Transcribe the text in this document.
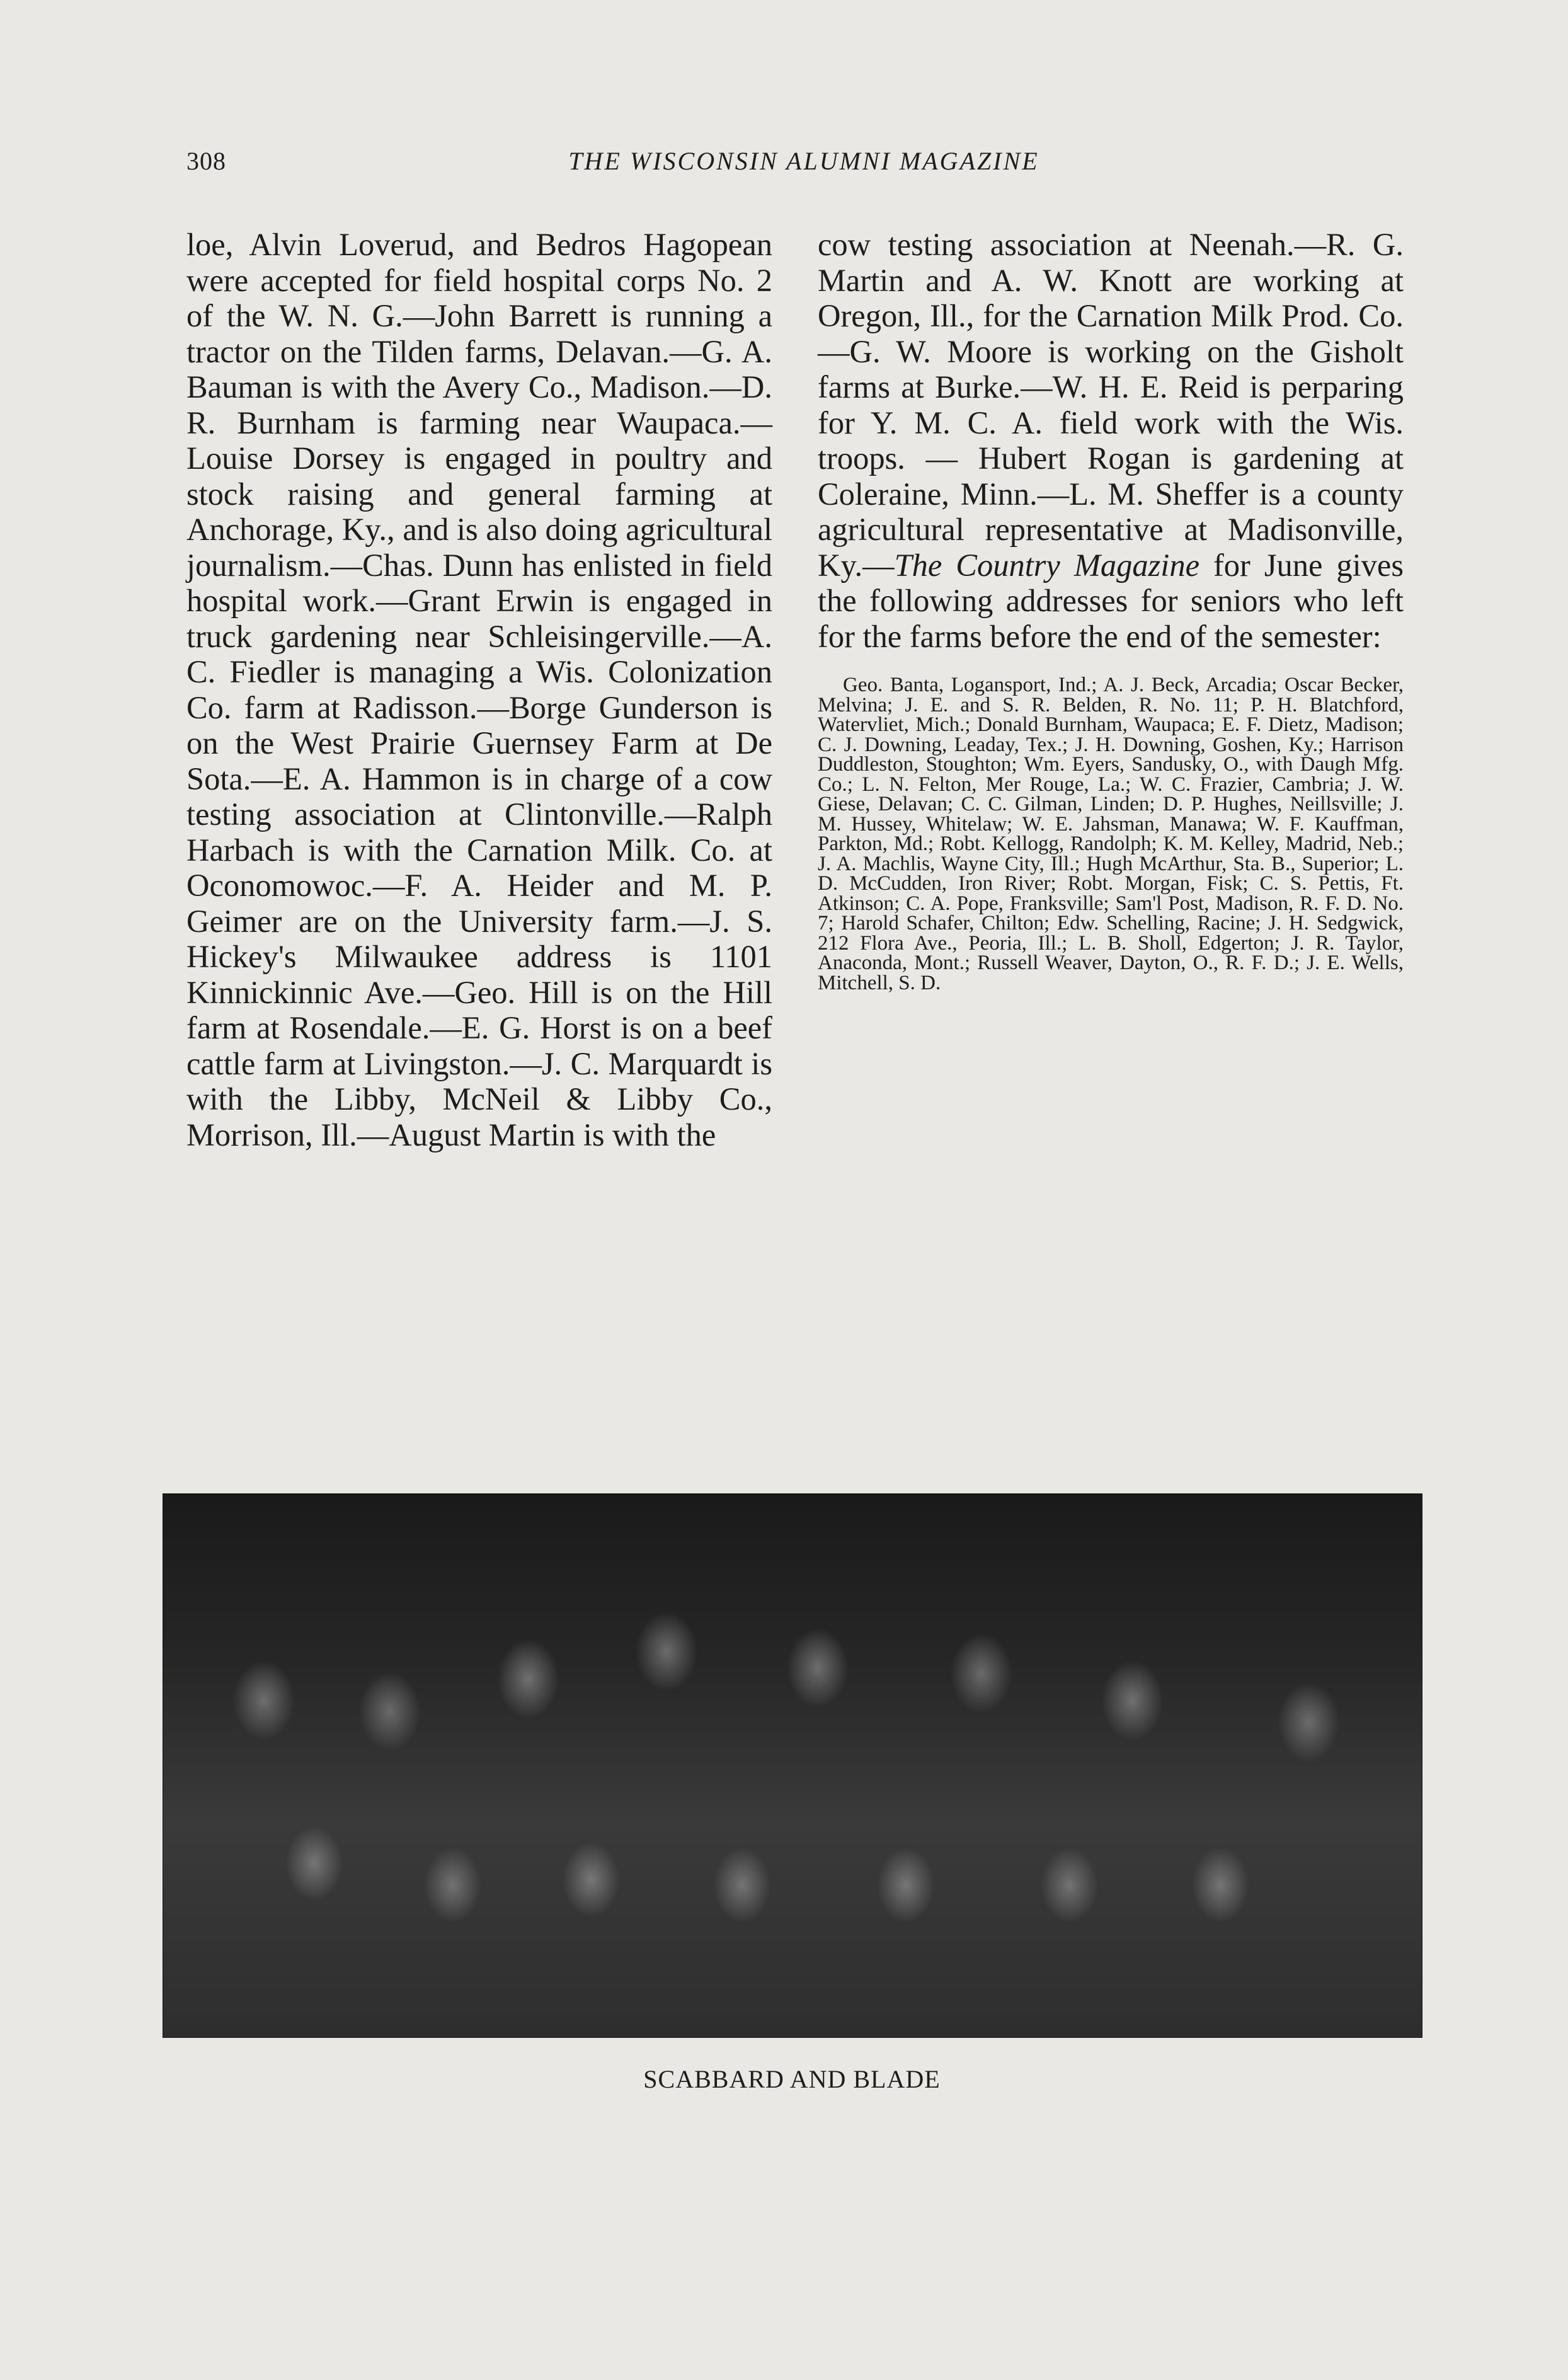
308	THE WISCONSIN ALUMNI MAGAZINE

loe, Alvin Loverud, and Bedros Hagopean were accepted for field hospital corps No. 2 of the W. N. G.—John Barrett is running a tractor on the Tilden farms, Delavan.—G. A. Bauman is with the Avery Co., Madison.—D. R. Burnham is farming near Waupaca.—Louise Dorsey is engaged in poultry and stock raising and general farming at Anchorage, Ky., and is also doing agricultural journalism.—Chas. Dunn has enlisted in field hospital work.—Grant Erwin is engaged in truck gardening near Schleisingerville.—A. C. Fiedler is managing a Wis. Colonization Co. farm at Radisson.—Borge Gunderson is on the West Prairie Guernsey Farm at De Sota.—E. A. Hammon is in charge of a cow testing association at Clintonville.—Ralph Harbach is with the Carnation Milk. Co. at Oconomowoc.—F. A. Heider and M. P. Geimer are on the University farm.—J. S. Hickey's Milwaukee address is 1101 Kinnickinnic Ave.—Geo. Hill is on the Hill farm at Rosendale.—E. G. Horst is on a beef cattle farm at Livingston.—J. C. Marquardt is with the Libby, McNeil & Libby Co., Morrison, Ill.—August Martin is with the

cow testing association at Neenah.—R. G. Martin and A. W. Knott are working at Oregon, Ill., for the Carnation Milk Prod. Co.—G. W. Moore is working on the Gisholt farms at Burke.—W. H. E. Reid is perparing for Y. M. C. A. field work with the Wis. troops. — Hubert Rogan is gardening at Coleraine, Minn.—L. M. Sheffer is a county agricultural representative at Madisonville, Ky.—The Country Magazine for June gives the following addresses for seniors who left for the farms before the end of the semester:

Geo. Banta, Logansport, Ind.; A. J. Beck, Arcadia; Oscar Becker, Melvina; J. E. and S. R. Belden, R. No. 11; P. H. Blatchford, Watervliet, Mich.; Donald Burnham, Waupaca; E. F. Dietz, Madison; C. J. Downing, Leaday, Tex.; J. H. Downing, Goshen, Ky.; Harrison Duddleston, Stoughton; Wm. Eyers, Sandusky, O., with Daugh Mfg. Co.; L. N. Felton, Mer Rouge, La.; W. C. Frazier, Cambria; J. W. Giese, Delavan; C. C. Gilman, Linden; D. P. Hughes, Neillsville; J. M. Hussey, Whitelaw; W. E. Jahsman, Manawa; W. F. Kauffman, Parkton, Md.; Robt. Kellogg, Randolph; K. M. Kelley, Madrid, Neb.; J. A. Machlis, Wayne City, Ill.; Hugh McArthur, Sta. B., Superior; L. D. McCudden, Iron River; Robt. Morgan, Fisk; C. S. Pettis, Ft. Atkinson; C. A. Pope, Franksville; Sam'l Post, Madison, R. F. D. No. 7; Harold Schafer, Chilton; Edw. Schelling, Racine; J. H. Sedgwick, 212 Flora Ave., Peoria, Ill.; L. B. Sholl, Edgerton; J. R. Taylor, Anaconda, Mont.; Russell Weaver, Dayton, O., R. F. D.; J. E. Wells, Mitchell, S. D.

SCABBARD AND BLADE
